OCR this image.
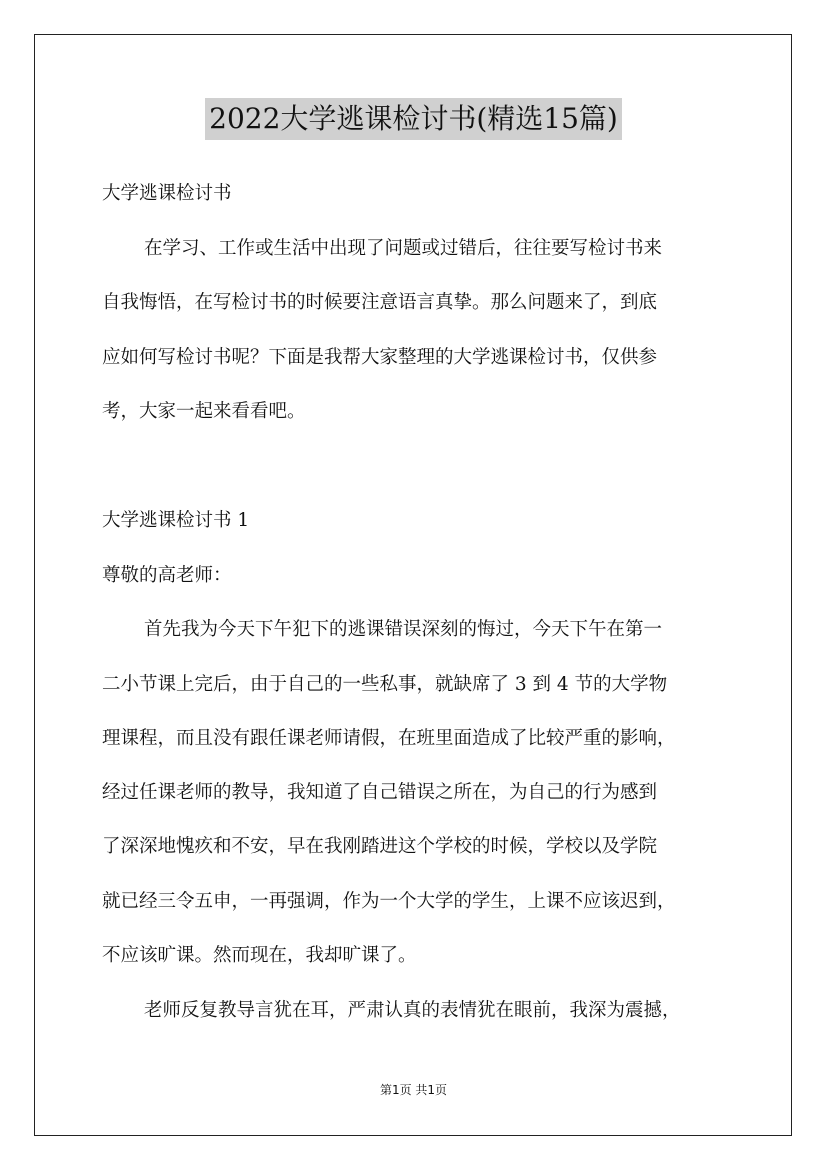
2022大学逃课检讨书(精选15篇)
大学逃课检讨书
在学习、工作或生活中出现了问题或过错后，往往要写检讨书来
自我悔悟，在写检讨书的时候要注意语言真挚。那么问题来了，到底
应如何写检讨书呢？下面是我帮大家整理的大学逃课检讨书，仅供参
考，大家一起来看看吧。
大学逃课检讨书 1
尊敬的高老师：
首先我为今天下午犯下的逃课错误深刻的悔过，今天下午在第一
二小节课上完后，由于自己的一些私事，就缺席了 3 到 4 节的大学物
理课程，而且没有跟任课老师请假，在班里面造成了比较严重的影响，
经过任课老师的教导，我知道了自己错误之所在，为自己的行为感到
了深深地愧疚和不安，早在我刚踏进这个学校的时候，学校以及学院
就已经三令五申，一再强调，作为一个大学的学生，上课不应该迟到，
不应该旷课。然而现在，我却旷课了。
老师反复教导言犹在耳，严肃认真的表情犹在眼前，我深为震撼，
第1页 共1页
